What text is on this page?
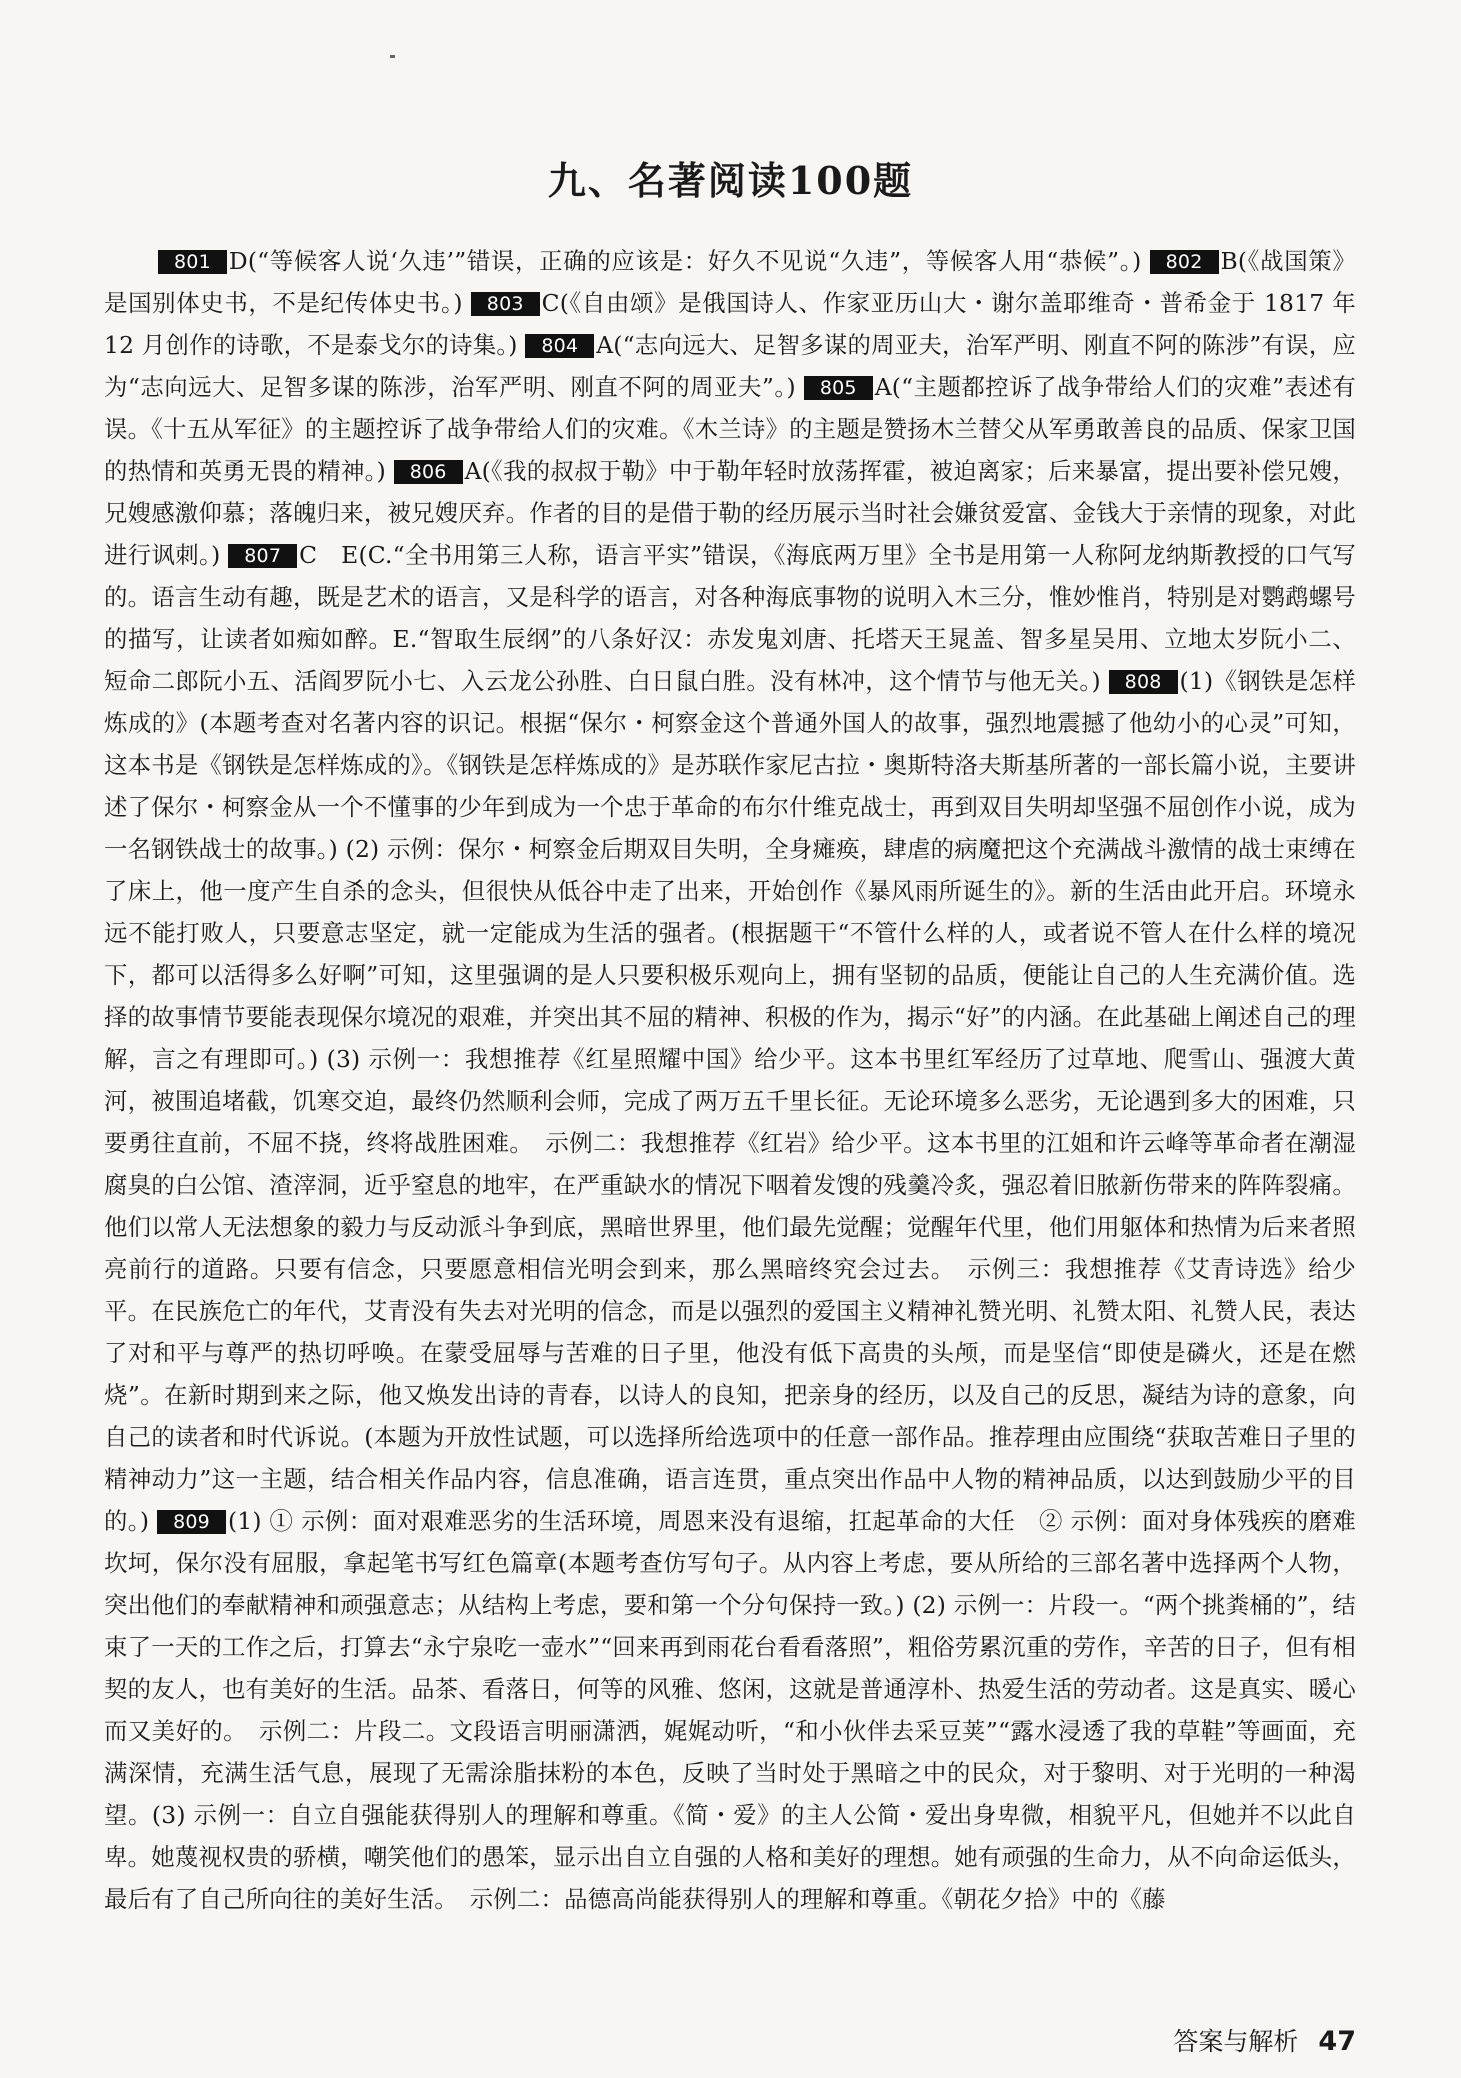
九、名著阅读100题
801 D(“等候客人说‘久违’”错误，正确的应该是：好久不见说“久违”，等候客人用“恭候”。) 802 B(《战国策》是国别体史书，不是纪传体史书。) 803 C(《自由颂》是俄国诗人、作家亚历山大・谢尔盖耶维奇・普希金于 1817 年 12 月创作的诗歌，不是泰戈尔的诗集。) 804 A(“志向远大、足智多谋的周亚夫，治军严明、刚直不阿的陈涉”有误，应为“志向远大、足智多谋的陈涉，治军严明、刚直不阿的周亚夫”。) 805 A(“主题都控诉了战争带给人们的灾难”表述有误。《十五从军征》的主题控诉了战争带给人们的灾难。《木兰诗》的主题是赞扬木兰替父从军勇敢善良的品质、保家卫国的热情和英勇无畏的精神。) 806 A(《我的叔叔于勒》中于勒年轻时放荡挥霍，被迫离家；后来暴富，提出要补偿兄嫂，兄嫂感激仰慕；落魄归来，被兄嫂厌弃。作者的目的是借于勒的经历展示当时社会嫌贫爱富、金钱大于亲情的现象，对此进行讽刺。) 807 C　E(C.“全书用第三人称，语言平实”错误，《海底两万里》全书是用第一人称阿龙纳斯教授的口气写的。语言生动有趣，既是艺术的语言，又是科学的语言，对各种海底事物的说明入木三分，惟妙惟肖，特别是对鹦鹉螺号的描写，让读者如痴如醉。E.“智取生辰纲”的八条好汉：赤发鬼刘唐、托塔天王晁盖、智多星吴用、立地太岁阮小二、短命二郎阮小五、活阎罗阮小七、入云龙公孙胜、白日鼠白胜。没有林冲，这个情节与他无关。) 808 (1)《钢铁是怎样炼成的》(本题考查对名著内容的识记。根据“保尔・柯察金这个普通外国人的故事，强烈地震撼了他幼小的心灵”可知，这本书是《钢铁是怎样炼成的》。《钢铁是怎样炼成的》是苏联作家尼古拉・奥斯特洛夫斯基所著的一部长篇小说，主要讲述了保尔・柯察金从一个不懂事的少年到成为一个忠于革命的布尔什维克战士，再到双目失明却坚强不屈创作小说，成为一名钢铁战士的故事。) (2) 示例：保尔・柯察金后期双目失明，全身瘫痪，肆虐的病魔把这个充满战斗激情的战士束缚在了床上，他一度产生自杀的念头，但很快从低谷中走了出来，开始创作《暴风雨所诞生的》。新的生活由此开启。环境永远不能打败人，只要意志坚定，就一定能成为生活的强者。(根据题干“不管什么样的人，或者说不管人在什么样的境况下，都可以活得多么好啊”可知，这里强调的是人只要积极乐观向上，拥有坚韧的品质，便能让自己的人生充满价值。选择的故事情节要能表现保尔境况的艰难，并突出其不屈的精神、积极的作为，揭示“好”的内涵。在此基础上阐述自己的理解，言之有理即可。) (3) 示例一：我想推荐《红星照耀中国》给少平。这本书里红军经历了过草地、爬雪山、强渡大黄河，被围追堵截，饥寒交迫，最终仍然顺利会师，完成了两万五千里长征。无论环境多么恶劣，无论遇到多大的困难，只要勇往直前，不屈不挠，终将战胜困难。　示例二：我想推荐《红岩》给少平。这本书里的江姐和许云峰等革命者在潮湿腐臭的白公馆、渣滓洞，近乎窒息的地牢，在严重缺水的情况下咽着发馊的残羹冷炙，强忍着旧脓新伤带来的阵阵裂痛。他们以常人无法想象的毅力与反动派斗争到底，黑暗世界里，他们最先觉醒；觉醒年代里，他们用躯体和热情为后来者照亮前行的道路。只要有信念，只要愿意相信光明会到来，那么黑暗终究会过去。　示例三：我想推荐《艾青诗选》给少平。在民族危亡的年代，艾青没有失去对光明的信念，而是以强烈的爱国主义精神礼赞光明、礼赞太阳、礼赞人民，表达了对和平与尊严的热切呼唤。在蒙受屈辱与苦难的日子里，他没有低下高贵的头颅，而是坚信“即使是磷火，还是在燃烧”。在新时期到来之际，他又焕发出诗的青春，以诗人的良知，把亲身的经历，以及自己的反思，凝结为诗的意象，向自己的读者和时代诉说。(本题为开放性试题，可以选择所给选项中的任意一部作品。推荐理由应围绕“获取苦难日子里的精神动力”这一主题，结合相关作品内容，信息准确，语言连贯，重点突出作品中人物的精神品质，以达到鼓励少平的目的。) 809 (1) ① 示例：面对艰难恶劣的生活环境，周恩来没有退缩，扛起革命的大任　② 示例：面对身体残疾的磨难坎坷，保尔没有屈服，拿起笔书写红色篇章(本题考查仿写句子。从内容上考虑，要从所给的三部名著中选择两个人物，突出他们的奉献精神和顽强意志；从结构上考虑，要和第一个分句保持一致。) (2) 示例一：片段一。“两个挑粪桶的”，结束了一天的工作之后，打算去“永宁泉吃一壶水”“回来再到雨花台看看落照”，粗俗劳累沉重的劳作，辛苦的日子，但有相契的友人，也有美好的生活。品茶、看落日，何等的风雅、悠闲，这就是普通淳朴、热爱生活的劳动者。这是真实、暖心而又美好的。　示例二：片段二。文段语言明丽潇洒，娓娓动听，“和小伙伴去采豆荚”“露水浸透了我的草鞋”等画面，充满深情，充满生活气息，展现了无需涂脂抹粉的本色，反映了当时处于黑暗之中的民众，对于黎明、对于光明的一种渴望。(3) 示例一：自立自强能获得别人的理解和尊重。《简・爱》的主人公简・爱出身卑微，相貌平凡，但她并不以此自卑。她蔑视权贵的骄横，嘲笑他们的愚笨，显示出自立自强的人格和美好的理想。她有顽强的生命力，从不向命运低头，最后有了自己所向往的美好生活。　示例二：品德高尚能获得别人的理解和尊重。《朝花夕拾》中的《藤
答案与解析 47
